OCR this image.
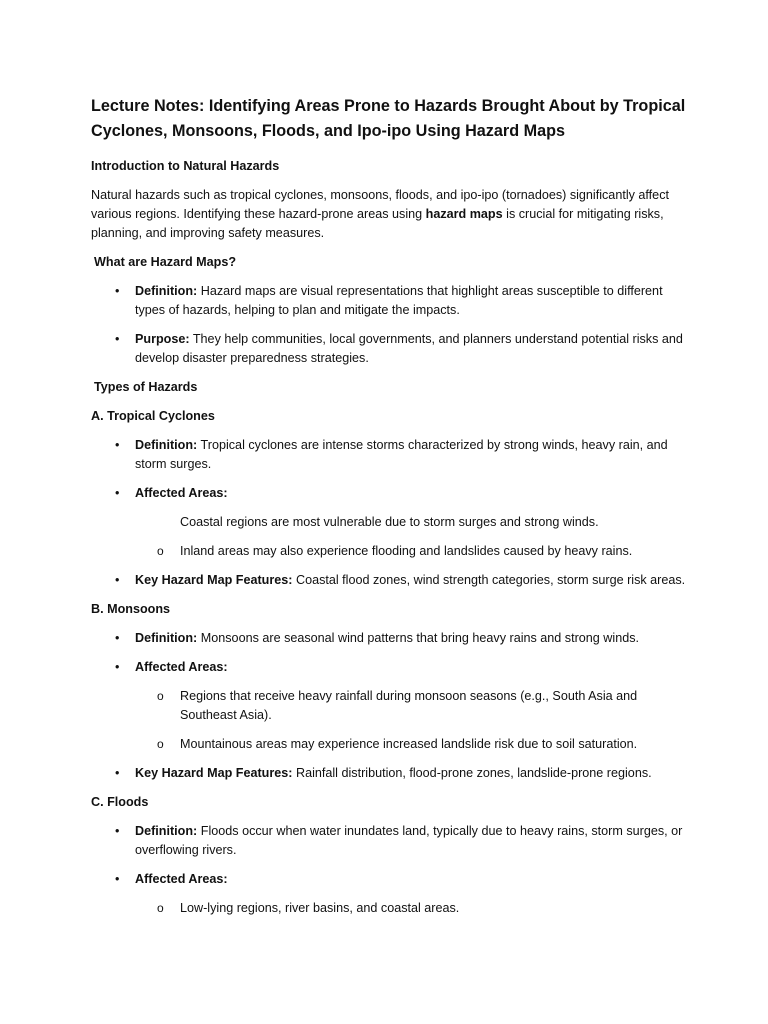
Lecture Notes: Identifying Areas Prone to Hazards Brought About by Tropical Cyclones, Monsoons, Floods, and Ipo-ipo Using Hazard Maps
Introduction to Natural Hazards

Natural hazards such as tropical cyclones, monsoons, floods, and ipo-ipo (tornadoes) significantly affect various regions. Identifying these hazard-prone areas using hazard maps is crucial for mitigating risks, planning, and improving safety measures.

What are Hazard Maps?
• Definition: Hazard maps are visual representations that highlight areas susceptible to different types of hazards, helping to plan and mitigate the impacts.
• Purpose: They help communities, local governments, and planners understand potential risks and develop disaster preparedness strategies.
Types of Hazards
A. Tropical Cyclones
• Definition: Tropical cyclones are intense storms characterized by strong winds, heavy rain, and storm surges.
• Affected Areas:
Coastal regions are most vulnerable due to storm surges and strong winds.
o Inland areas may also experience flooding and landslides caused by heavy rains.
• Key Hazard Map Features: Coastal flood zones, wind strength categories, storm surge risk areas.
B. Monsoons
• Definition: Monsoons are seasonal wind patterns that bring heavy rains and strong winds.
• Affected Areas:
o Regions that receive heavy rainfall during monsoon seasons (e.g., South Asia and Southeast Asia).
o Mountainous areas may experience increased landslide risk due to soil saturation.
• Key Hazard Map Features: Rainfall distribution, flood-prone zones, landslide-prone regions.
C. Floods
• Definition: Floods occur when water inundates land, typically due to heavy rains, storm surges, or overflowing rivers.
• Affected Areas:
o Low-lying regions, river basins, and coastal areas.
